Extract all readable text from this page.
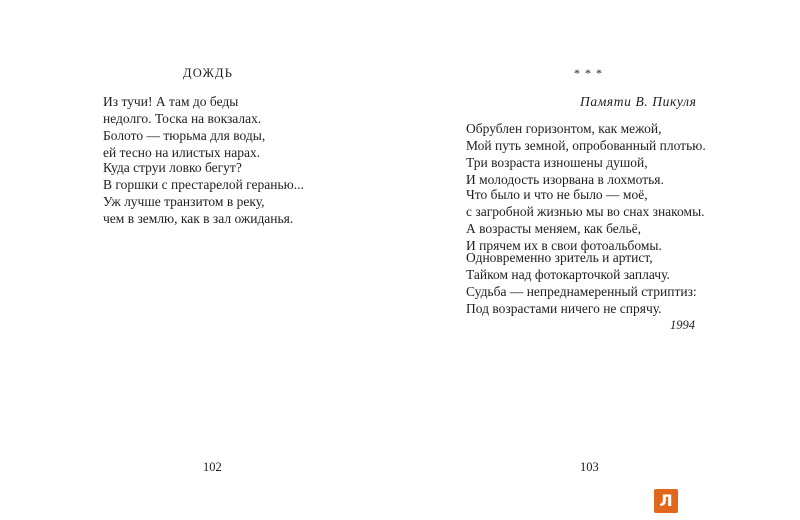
ДОЖДЬ
Из тучи! А там до беды
недолго. Тоска на вокзалах.
Болото — тюрьма для воды,
ей тесно на илистых нарах.
Куда струи ловко бегут?
В горшки с престарелой геранью...
Уж лучше транзитом в реку,
чем в землю, как в зал ожиданья.
102
***
Памяти В. Пикуля
Обрублен горизонтом, как межой,
Мой путь земной, опробованный плотью.
Три возраста изношены душой,
И молодость изорвана в лохмотья.
Что было и что не было — моё,
с загробной жизнью мы во снах знакомы.
А возрасты меняем, как бельё,
И прячем их в свои фотоальбомы.
Одновременно зритель и артист,
Тайком над фотокарточкой заплачу.
Судьба — непреднамеренный стриптиз:
Под возрастами ничего не спрячу.
1994
103
Л
